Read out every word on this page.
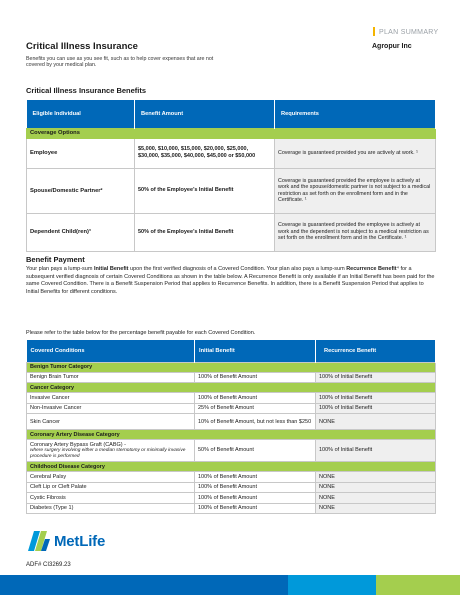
PLAN SUMMARY
Critical Illness Insurance	Agropur Inc
Benefits you can use as you see fit, such as to help cover expenses that are not covered by your medical plan.
Critical Illness Insurance Benefits
Eligible Individual	Benefit Amount	Requirements
Coverage Options		
Employee	$5,000, $10,000, $15,000, $20,000, $25,000, $30,000, $35,000, $40,000, $45,000 or $50,000	Coverage is guaranteed provided you are actively at work. ¹
Spouse/Domestic Partner²	50% of the Employee’s Initial Benefit	Coverage is guaranteed provided the employee is actively at work and the spouse/domestic partner is not subject to a medical restriction as set forth on the enrollment form and in the Certificate. ¹
Dependent Child(ren)³	50% of the Employee’s Initial Benefit	Coverage is guaranteed provided the employee is actively at work and the dependent is not subject to a medical restriction as set forth on the enrollment form and in the Certificate. ¹
Benefit Payment
Your plan pays a lump-sum Initial Benefit upon the first verified diagnosis of a Covered Condition. Your plan also pays a lump-sum Recurrence Benefit⁴ for a subsequent verified diagnosis of certain Covered Conditions as shown in the table below. A Recurrence Benefit is only available if an Initial Benefit has been paid for the same Covered Condition. There is a Benefit Suspension Period that applies to Recurrence Benefits. In addition, there is a Benefit Suspension Period that applies to Initial Benefits for different conditions.
Please refer to the table below for the percentage benefit payable for each Covered Condition.
Covered Conditions	Initial Benefit	Recurrence Benefit
Benign Tumor Category		
Benign Brain Tumor	100% of Benefit Amount	100% of Initial Benefit
Cancer Category		
Invasive Cancer	100% of Benefit Amount	100% of Initial Benefit
Non-Invasive Cancer	25% of Benefit Amount	100% of Initial Benefit
Skin Cancer	10% of Benefit Amount, but not less than $250	NONE
Coronary Artery Disease Category		
Coronary Artery Bypass Graft (CABG) -
where surgery involving either a median sternotomy or minimally invasive procedure is performed	50% of Benefit Amount	100% of Initial Benefit
Childhood Disease Category		
Cerebral Palsy	100% of Benefit Amount	NONE
Cleft Lip or Cleft Palate	100% of Benefit Amount	NONE
Cystic Fibrosis	100% of Benefit Amount	NONE
Diabetes (Type 1)	100% of Benefit Amount	NONE
MetLife
ADF# CI3269.23
